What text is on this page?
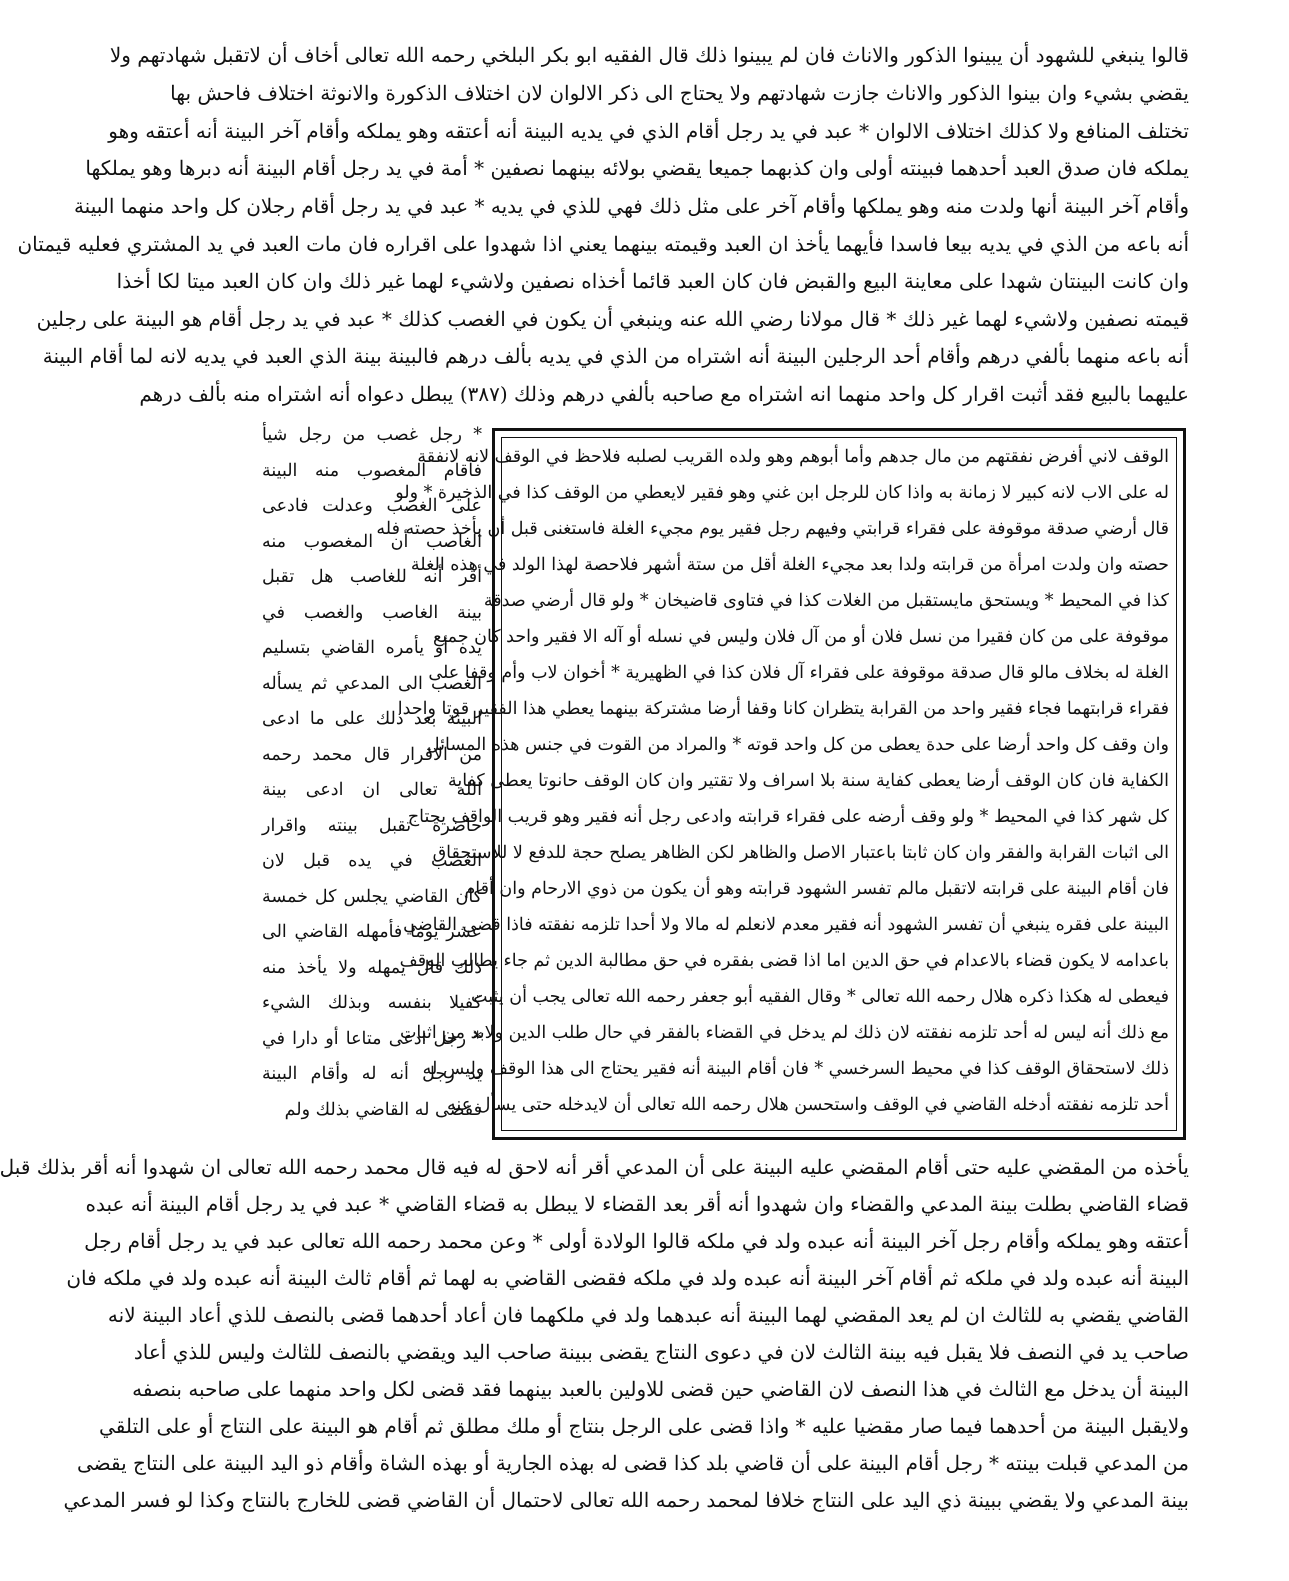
قالوا ينبغي للشهود أن يبينوا الذكور والاناث فان لم يبينوا ذلك قال الفقيه ابو بكر البلخي رحمه الله تعالى أخاف أن لاتقبل شهادتهم ولا
يقضي بشيء وان بينوا الذكور والاناث جازت شهادتهم ولا يحتاج الى ذكر الالوان لان اختلاف الذكورة والانوثة اختلاف فاحش بها
تختلف المنافع ولا كذلك اختلاف الالوان * عبد في يد رجل أقام الذي في يديه البينة أنه أعتقه وهو يملكه وأقام آخر البينة أنه أعتقه وهو
يملكه فان صدق العبد أحدهما فبينته أولى وان كذبهما جميعا يقضي بولائه بينهما نصفين * أمة في يد رجل أقام البينة أنه دبرها وهو يملكها
وأقام آخر البينة أنها ولدت منه وهو يملكها وأقام آخر على مثل ذلك فهي للذي في يديه * عبد في يد رجل أقام رجلان كل واحد منهما البينة
أنه باعه من الذي في يديه بيعا فاسدا فأيهما يأخذ ان العبد وقيمته بينهما يعني اذا شهدوا على اقراره فان مات العبد في يد المشتري فعليه قيمتان
وان كانت البينتان شهدا على معاينة البيع والقبض فان كان العبد قائما أخذاه نصفين ولاشيء لهما غير ذلك وان كان العبد ميتا لكا أخذا
قيمته نصفين ولاشيء لهما غير ذلك * قال مولانا رضي الله عنه وينبغي أن يكون في الغصب كذلك * عبد في يد رجل أقام هو البينة على رجلين
أنه باعه منهما بألفي درهم وأقام أحد الرجلين البينة أنه اشتراه من الذي في يديه بألف درهم فالبينة بينة الذي العبد في يديه لانه لما أقام البينة
عليهما بالبيع فقد أثبت اقرار كل واحد منهما انه اشتراه مع صاحبه بألفي درهم وذلك (٣٨٧) يبطل دعواه أنه اشتراه منه بألف درهم
الوقف لاني أفرض نفقتهم من مال جدهم وأما أبوهم وهو ولده القريب لصلبه فلاحظ في الوقف لانه لانفقة
له على الاب لانه كبير لا زمانة به واذا كان للرجل ابن غني وهو فقير لايعطي من الوقف كذا في الذخيرة * ولو
قال أرضي صدقة موقوفة على فقراء قرابتي وفيهم رجل فقير يوم مجيء الغلة فاستغنى قبل أن يأخذ حصته فله
حصته وان ولدت امرأة من قرابته ولدا بعد مجيء الغلة أقل من ستة أشهر فلاحصة لهذا الولد في هذه الغلة
كذا في المحيط * ويستحق مايستقبل من الغلات كذا في فتاوى قاضيخان * ولو قال أرضي صدقة
موقوفة على من كان فقيرا من نسل فلان أو من آل فلان وليس في نسله أو آله الا فقير واحد كان جميع
الغلة له بخلاف مالو قال صدقة موقوفة على فقراء آل فلان كذا في الظهيرية * أخوان لاب وأم وقفا على
فقراء قرابتهما فجاء فقير واحد من القرابة يتظران كانا وقفا أرضا مشتركة بينهما يعطي هذا الفقير قوتا واحدا
وان وقف كل واحد أرضا على حدة يعطى من كل واحد قوته * والمراد من القوت في جنس هذه المسائل
الكفاية فان كان الوقف أرضا يعطى كفاية سنة بلا اسراف ولا تقتير وان كان الوقف حانوتا يعطى كفاية
كل شهر كذا في المحيط * ولو وقف أرضه على فقراء قرابته وادعى رجل أنه فقير وهو قريب الواقف يحتاج
الى اثبات القرابة والفقر وان كان ثابتا باعتبار الاصل والظاهر لكن الظاهر يصلح حجة للدفع لا للاستحقاق
فان أقام البينة على قرابته لاتقبل مالم تفسر الشهود قرابته وهو أن يكون من ذوي الارحام وان أقام
البينة على فقره ينبغي أن تفسر الشهود أنه فقير معدم لانعلم له مالا ولا أحدا تلزمه نفقته فاذا قضى القاضي
باعدامه لا يكون قضاء بالاعدام في حق الدين اما اذا قضى بفقره في حق مطالبة الدين ثم جاء يطالب الوقف
فيعطى له هكذا ذكره هلال رحمه الله تعالى * وقال الفقيه أبو جعفر رحمه الله تعالى يجب أن يثبت
مع ذلك أنه ليس له أحد تلزمه نفقته لان ذلك لم يدخل في القضاء بالفقر في حال طلب الدين ولابد من اثبات
ذلك لاستحقاق الوقف كذا في محيط السرخسي * فان أقام البينة أنه فقير يحتاج الى هذا الوقف وليس له
أحد تلزمه نفقته أدخله القاضي في الوقف واستحسن هلال رحمه الله تعالى أن لايدخله حتى يسأل عنه
* رجل غصب من رجل شيأ
فأقام المغصوب منه البينة
على الغصب وعدلت فادعى
الغاصب أن المغصوب منه
أقر أنه للغاصب هل تقبل
بينة الغاصب والغصب في
يده أو يأمره القاضي بتسليم
الغصب الى المدعي ثم يسأله
البينة بعد ذلك على ما ادعى
من الاقرار قال محمد رحمه
الله تعالى ان ادعى بينة
حاضرة تقبل بينته واقرار
الغصب في يده قبل لان
كان القاضي يجلس كل خمسة
عشر يوما فأمهله القاضي الى
ذلك قال يمهله ولا يأخذ منه
كفيلا بنفسه وبذلك الشيء
* رجل ادعى متاعا أو دارا في
يد رجل أنه له وأقام البينة
فقضى له القاضي بذلك ولم
يأخذه من المقضي عليه حتى أقام المقضي عليه البينة على أن المدعي أقر أنه لاحق له فيه قال محمد رحمه الله تعالى ان شهدوا أنه أقر بذلك قبل
قضاء القاضي بطلت بينة المدعي والقضاء وان شهدوا أنه أقر بعد القضاء لا يبطل به قضاء القاضي * عبد في يد رجل أقام البينة أنه عبده
أعتقه وهو يملكه وأقام رجل آخر البينة أنه عبده ولد في ملكه قالوا الولادة أولى * وعن محمد رحمه الله تعالى عبد في يد رجل أقام رجل
البينة أنه عبده ولد في ملكه ثم أقام آخر البينة أنه عبده ولد في ملكه فقضى القاضي به لهما ثم أقام ثالث البينة أنه عبده ولد في ملكه فان
القاضي يقضي به للثالث ان لم يعد المقضي لهما البينة أنه عبدهما ولد في ملكهما فان أعاد أحدهما قضى بالنصف للذي أعاد البينة لانه
صاحب يد في النصف فلا يقبل فيه بينة الثالث لان في دعوى النتاج يقضى ببينة صاحب اليد ويقضي بالنصف للثالث وليس للذي أعاد
البينة أن يدخل مع الثالث في هذا النصف لان القاضي حين قضى للاولين بالعبد بينهما فقد قضى لكل واحد منهما على صاحبه بنصفه
ولايقبل البينة من أحدهما فيما صار مقضيا عليه * واذا قضى على الرجل بنتاج أو ملك مطلق ثم أقام هو البينة على النتاج أو على التلقي
من المدعي قبلت بينته * رجل أقام البينة على أن قاضي بلد كذا قضى له بهذه الجارية أو بهذه الشاة وأقام ذو اليد البينة على النتاج يقضى
بينة المدعي ولا يقضي ببينة ذي اليد على النتاج خلافا لمحمد رحمه الله تعالى لاحتمال أن القاضي قضى للخارج بالنتاج وكذا لو فسر المدعي
